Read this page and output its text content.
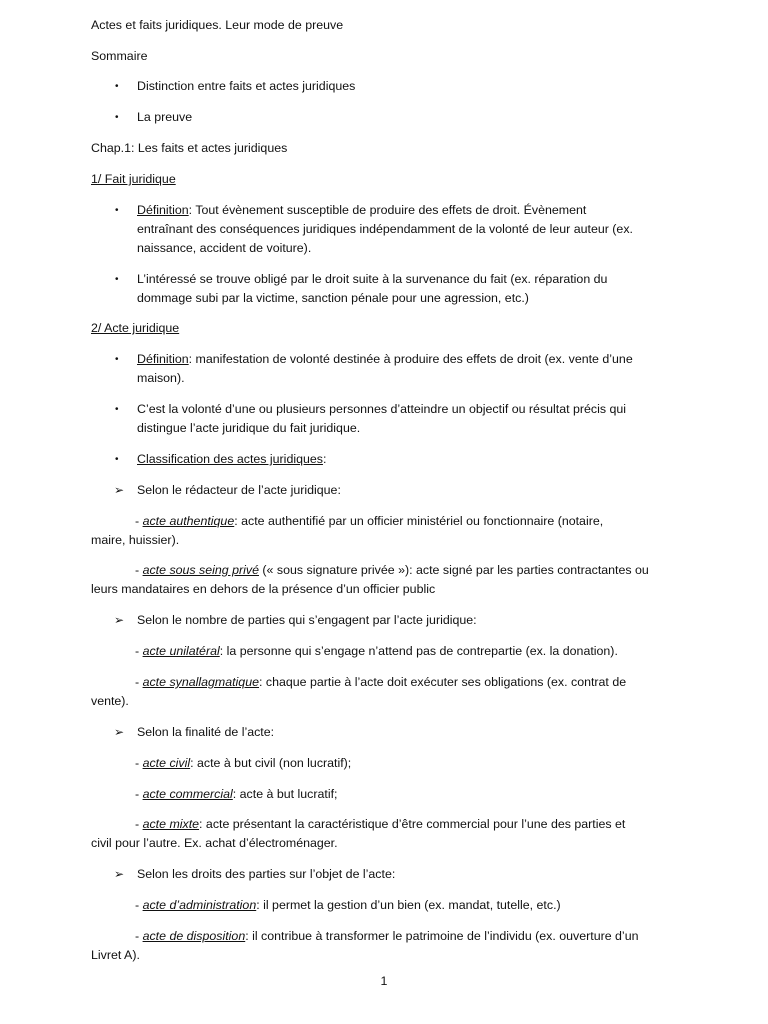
Actes et faits juridiques. Leur mode de preuve
Sommaire
• Distinction entre faits et actes juridiques
• La preuve
Chap.1: Les faits et actes juridiques
1/ Fait juridique
• Définition: Tout évènement susceptible de produire des effets de droit. Évènement
entraînant des conséquences juridiques indépendamment de la volonté de leur auteur (ex.
naissance, accident de voiture).
• L’intéressé se trouve obligé par le droit suite à la survenance du fait (ex. réparation du
dommage subi par la victime, sanction pénale pour une agression, etc.)
2/ Acte juridique
• Définition: manifestation de volonté destinée à produire des effets de droit (ex. vente d’une
maison).
• C’est la volonté d’une ou plusieurs personnes d’atteindre un objectif ou résultat précis qui
distingue l’acte juridique du fait juridique.
• Classification des actes juridiques:
➢ Selon le rédacteur de l’acte juridique:
- acte authentique: acte authentifié par un officier ministériel ou fonctionnaire (notaire,
maire, huissier).
- acte sous seing privé (« sous signature privée »): acte signé par les parties contractantes ou
leurs mandataires en dehors de la présence d’un officier public
➢ Selon le nombre de parties qui s’engagent par l’acte juridique:
- acte unilatéral: la personne qui s’engage n’attend pas de contrepartie (ex. la donation).
- acte synallagmatique: chaque partie à l’acte doit exécuter ses obligations (ex. contrat de
vente).
➢ Selon la finalité de l’acte:
- acte civil: acte à but civil (non lucratif);
- acte commercial: acte à but lucratif;
- acte mixte: acte présentant la caractéristique d’être commercial pour l’une des parties et
civil pour l’autre. Ex. achat d’électroménager.
➢ Selon les droits des parties sur l’objet de l’acte:
- acte d’administration: il permet la gestion d’un bien (ex. mandat, tutelle, etc.)
- acte de disposition: il contribue à transformer le patrimoine de l’individu (ex. ouverture d’un
Livret A).
1
